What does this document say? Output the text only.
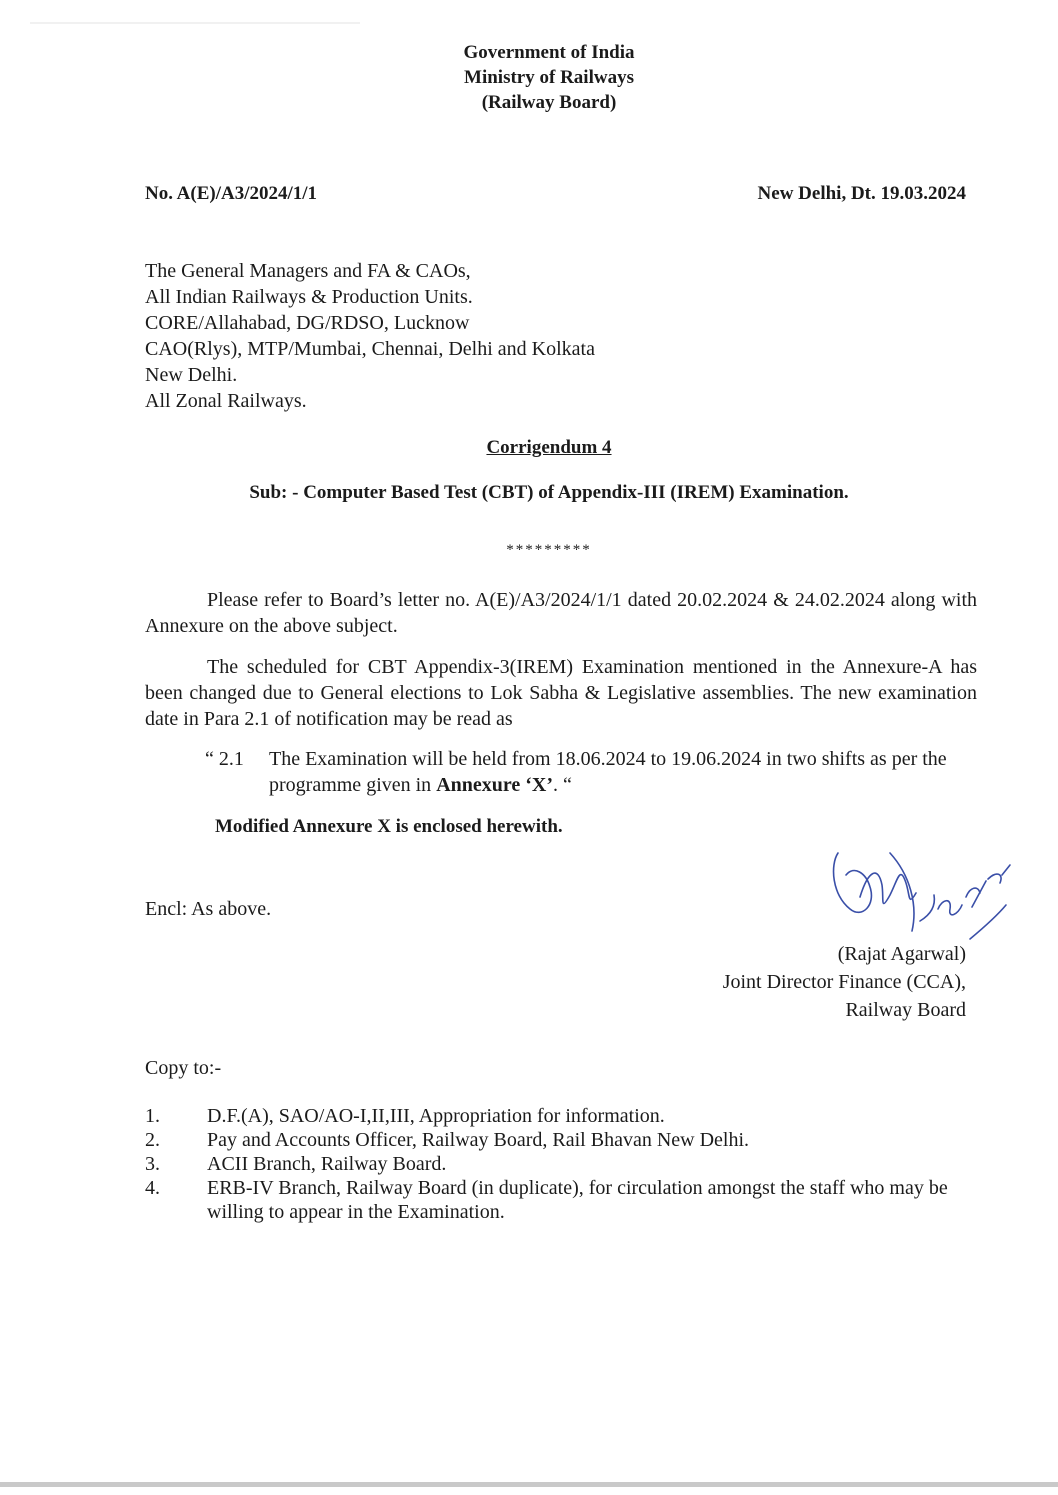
Government of India
Ministry of Railways
(Railway Board)
No. A(E)/A3/2024/1/1	New Delhi, Dt. 19.03.2024
The General Managers and FA & CAOs,
All Indian Railways & Production Units.
CORE/Allahabad, DG/RDSO, Lucknow
CAO(Rlys), MTP/Mumbai, Chennai, Delhi and Kolkata
New Delhi.
All Zonal Railways.
Corrigendum 4
Sub: - Computer Based Test (CBT) of Appendix-III (IREM) Examination.
*********
Please refer to Board’s letter no. A(E)/A3/2024/1/1 dated 20.02.2024 & 24.02.2024 along with Annexure on the above subject.
The scheduled for CBT Appendix-3(IREM) Examination mentioned in the Annexure-A has been changed due to General elections to Lok Sabha & Legislative assemblies. The new examination date in Para 2.1 of notification may be read as
“ 2.1 The Examination will be held from 18.06.2024 to 19.06.2024 in two shifts as per the programme given in Annexure ‘X’. “
Modified Annexure X is enclosed herewith.
Encl: As above.
(Rajat Agarwal)
Joint Director Finance (CCA),
Railway Board
Copy to:-
1. D.F.(A), SAO/AO-I,II,III, Appropriation for information.
2. Pay and Accounts Officer, Railway Board, Rail Bhavan New Delhi.
3. ACII Branch, Railway Board.
4. ERB-IV Branch, Railway Board (in duplicate), for circulation amongst the staff who may be willing to appear in the Examination.
